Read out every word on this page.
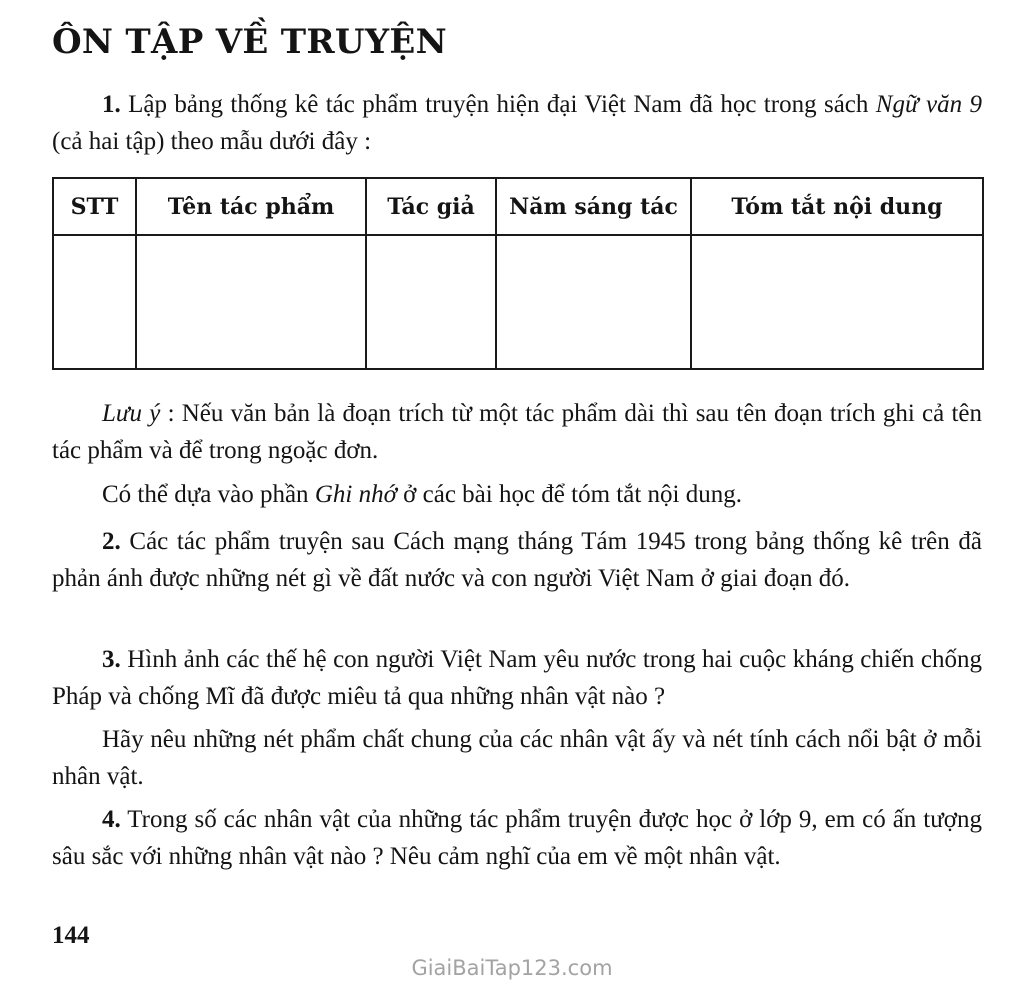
ÔN TẬP VỀ TRUYỆN

1. Lập bảng thống kê tác phẩm truyện hiện đại Việt Nam đã học trong sách Ngữ văn 9 (cả hai tập) theo mẫu dưới đây :

STT	Tên tác phẩm	Tác giả	Năm sáng tác	Tóm tắt nội dung

Lưu ý : Nếu văn bản là đoạn trích từ một tác phẩm dài thì sau tên đoạn trích ghi cả tên tác phẩm và để trong ngoặc đơn.

Có thể dựa vào phần Ghi nhớ ở các bài học để tóm tắt nội dung.

2. Các tác phẩm truyện sau Cách mạng tháng Tám 1945 trong bảng thống kê trên đã phản ánh được những nét gì về đất nước và con người Việt Nam ở giai đoạn đó.

3. Hình ảnh các thế hệ con người Việt Nam yêu nước trong hai cuộc kháng chiến chống Pháp và chống Mĩ đã được miêu tả qua những nhân vật nào ?

Hãy nêu những nét phẩm chất chung của các nhân vật ấy và nét tính cách nổi bật ở mỗi nhân vật.

4. Trong số các nhân vật của những tác phẩm truyện được học ở lớp 9, em có ấn tượng sâu sắc với những nhân vật nào ? Nêu cảm nghĩ của em về một nhân vật.

144

GiaiBaiTap123.com
